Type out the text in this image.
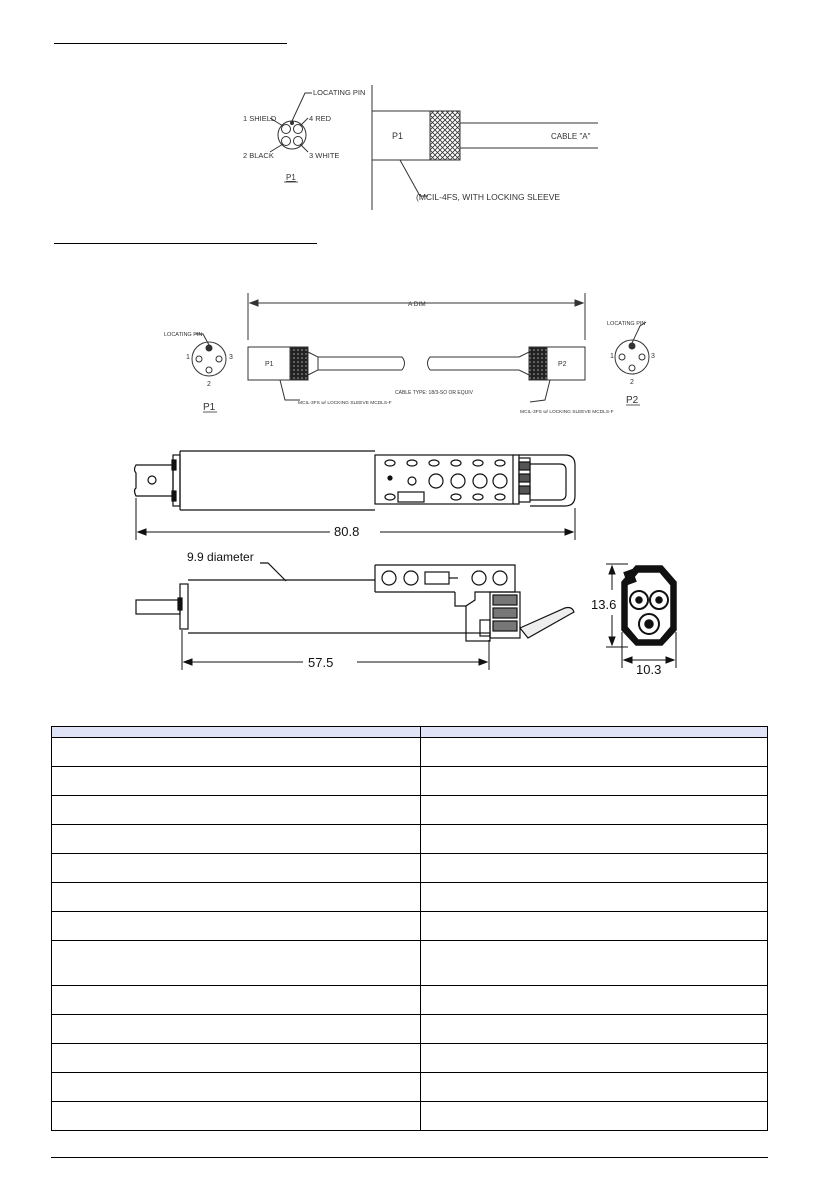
LOCATING PIN
1 SHIELD	4 RED
2 BLACK	3 WHITE
P1
P1	CABLE "A"
(MCIL-4FS, WITH LOCKING SLEEVE
A DIM
LOCATING PIN
1	3
2
P1
P1
MCIL-3FS w/ LOCKING SLEEVE MCDLS-F
P2
CABLE TYPE: 18/3-SO OR EQUIV
MCIL-3FS w/ LOCKING SLEEVE MCDLS-F
LOCATING PIN
1	3
2
P2
80.8
9.9 diameter
57.5
13.6
10.3
